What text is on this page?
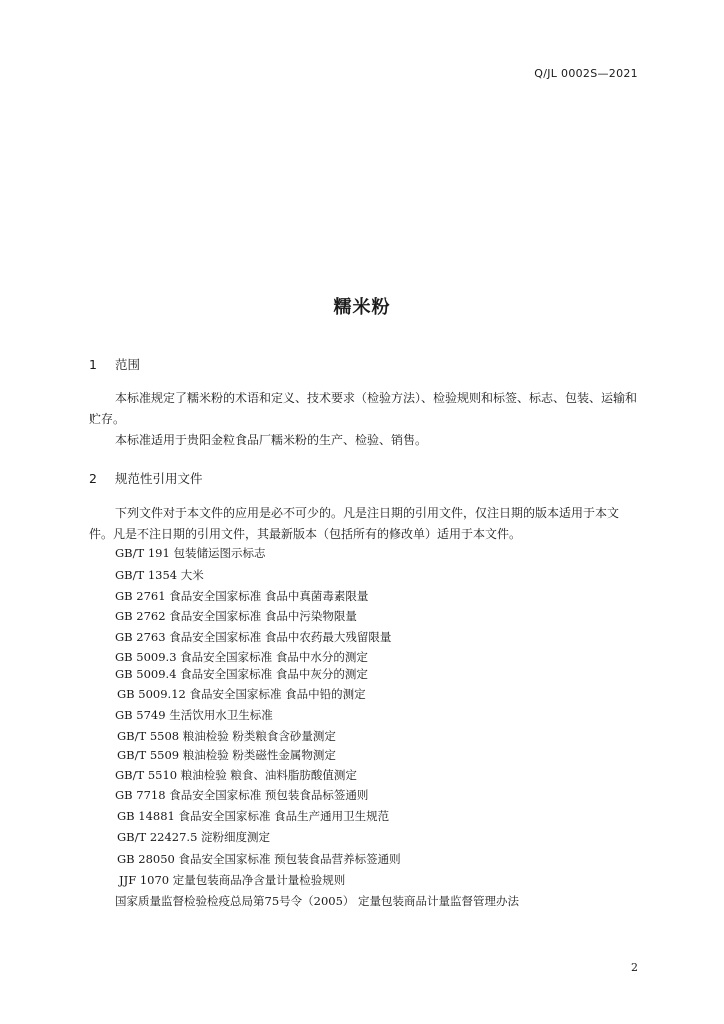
Q/JL 0002S—2021
糯米粉
1 范围
本标准规定了糯米粉的术语和定义、技术要求（检验方法）、检验规则和标签、标志、包装、运输和贮存。
本标准适用于贵阳金粒食品厂糯米粉的生产、检验、销售。
2 规范性引用文件
下列文件对于本文件的应用是必不可少的。凡是注日期的引用文件，仅注日期的版本适用于本文件。凡是不注日期的引用文件，其最新版本（包括所有的修改单）适用于本文件。
GB/T 191 包装储运图示标志
GB/T 1354 大米
GB 2761 食品安全国家标准 食品中真菌毒素限量
GB 2762 食品安全国家标准 食品中污染物限量
GB 2763 食品安全国家标准 食品中农药最大残留限量
GB 5009.3 食品安全国家标准 食品中水分的测定
GB 5009.4 食品安全国家标准 食品中灰分的测定
GB 5009.12 食品安全国家标准 食品中铅的测定
GB 5749 生活饮用水卫生标准
GB/T 5508 粮油检验 粉类粮食含砂量测定
GB/T 5509 粮油检验 粉类磁性金属物测定
GB/T 5510 粮油检验 粮食、油料脂肪酸值测定
GB 7718 食品安全国家标准 预包装食品标签通则
GB 14881 食品安全国家标准 食品生产通用卫生规范
GB/T 22427.5 淀粉细度测定
GB 28050 食品安全国家标准 预包装食品营养标签通则
JJF 1070 定量包装商品净含量计量检验规则
国家质量监督检验检疫总局第75号令（2005） 定量包装商品计量监督管理办法
2
